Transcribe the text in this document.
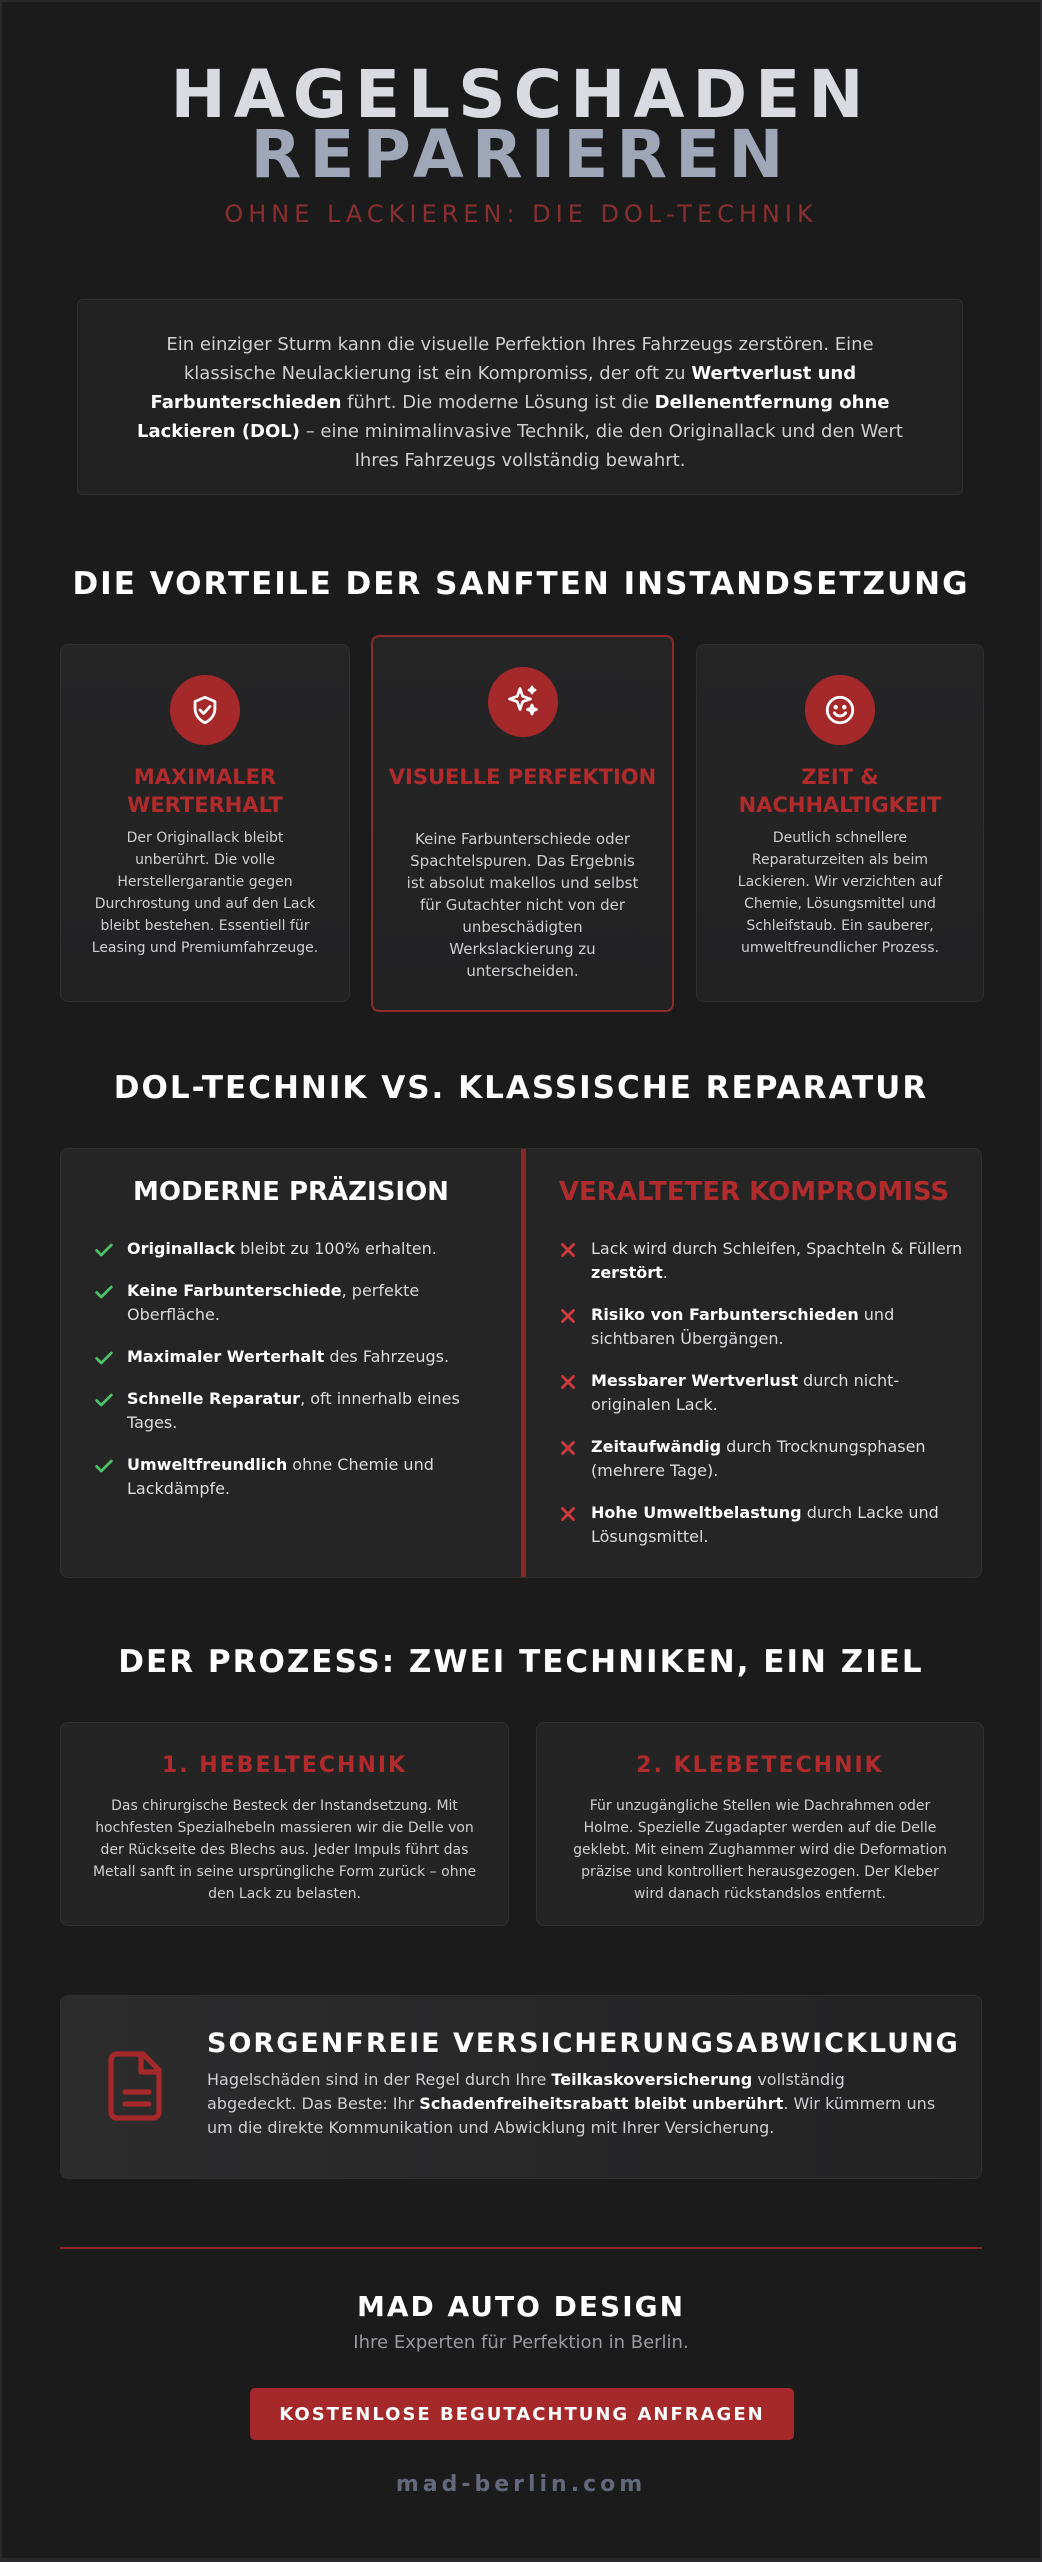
HAGELSCHADEN
REPARIEREN
OHNE LACKIEREN: DIE DOL-TECHNIK
Ein einziger Sturm kann die visuelle Perfektion Ihres Fahrzeugs zerstören. Eine klassische Neulackierung ist ein Kompromiss, der oft zu Wertverlust und Farbunterschieden führt. Die moderne Lösung ist die Dellenentfernung ohne Lackieren (DOL) – eine minimalinvasive Technik, die den Originallack und den Wert Ihres Fahrzeugs vollständig bewahrt.
DIE VORTEILE DER SANFTEN INSTANDSETZUNG
MAXIMALER WERTERHALT
Der Originallack bleibt unberührt. Die volle Herstellergarantie gegen Durchrostung und auf den Lack bleibt bestehen. Essentiell für Leasing und Premiumfahrzeuge.
VISUELLE PERFEKTION
Keine Farbunterschiede oder Spachtelspuren. Das Ergebnis ist absolut makellos und selbst für Gutachter nicht von der unbeschädigten Werkslackierung zu unterscheiden.
ZEIT & NACHHALTIGKEIT
Deutlich schnellere Reparaturzeiten als beim Lackieren. Wir verzichten auf Chemie, Lösungsmittel und Schleifstaub. Ein sauberer, umweltfreundlicher Prozess.
DOL-TECHNIK VS. KLASSISCHE REPARATUR
MODERNE PRÄZISION
Originallack bleibt zu 100% erhalten.
Keine Farbunterschiede, perfekte Oberfläche.
Maximaler Werterhalt des Fahrzeugs.
Schnelle Reparatur, oft innerhalb eines Tages.
Umweltfreundlich ohne Chemie und Lackdämpfe.
VERALTETER KOMPROMISS
Lack wird durch Schleifen, Spachteln & Füllern zerstört.
Risiko von Farbunterschieden und sichtbaren Übergängen.
Messbarer Wertverlust durch nicht-originalen Lack.
Zeitaufwändig durch Trocknungsphasen (mehrere Tage).
Hohe Umweltbelastung durch Lacke und Lösungsmittel.
DER PROZESS: ZWEI TECHNIKEN, EIN ZIEL
1. HEBELTECHNIK
Das chirurgische Besteck der Instandsetzung. Mit hochfesten Spezialhebeln massieren wir die Delle von der Rückseite des Blechs aus. Jeder Impuls führt das Metall sanft in seine ursprüngliche Form zurück – ohne den Lack zu belasten.
2. KLEBETECHNIK
Für unzugängliche Stellen wie Dachrahmen oder Holme. Spezielle Zugadapter werden auf die Delle geklebt. Mit einem Zughammer wird die Deformation präzise und kontrolliert herausgezogen. Der Kleber wird danach rückstandslos entfernt.
SORGENFREIE VERSICHERUNGSABWICKLUNG
Hagelschäden sind in der Regel durch Ihre Teilkaskoversicherung vollständig abgedeckt. Das Beste: Ihr Schadenfreiheitsrabatt bleibt unberührt. Wir kümmern uns um die direkte Kommunikation und Abwicklung mit Ihrer Versicherung.
MAD AUTO DESIGN
Ihre Experten für Perfektion in Berlin.
KOSTENLOSE BEGUTACHTUNG ANFRAGEN
mad-berlin.com
